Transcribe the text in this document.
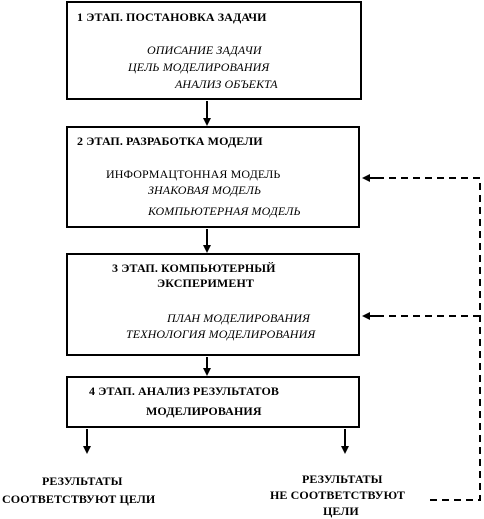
1 ЭТАП. ПОСТАНОВКА ЗАДАЧИ
ОПИСАНИЕ ЗАДАЧИ
ЦЕЛЬ МОДЕЛИРОВАНИЯ
АНАЛИЗ ОБЪЕКТА
2 ЭТАП. РАЗРАБОТКА МОДЕЛИ
ИНФОРМАЦТОННАЯ МОДЕЛЬ
ЗНАКОВАЯ МОДЕЛЬ
КОМПЬЮТЕРНАЯ МОДЕЛЬ
3 ЭТАП. КОМПЬЮТЕРНЫЙ
ЭКСПЕРИМЕНТ
ПЛАН МОДЕЛИРОВАНИЯ
ТЕХНОЛОГИЯ МОДЕЛИРОВАНИЯ
4 ЭТАП. АНАЛИЗ РЕЗУЛЬТАТОВ
МОДЕЛИРОВАНИЯ
РЕЗУЛЬТАТЫ
СООТВЕТСТВУЮТ ЦЕЛИ
РЕЗУЛЬТАТЫ
НЕ СООТВЕТСТВУЮТ
ЦЕЛИ
